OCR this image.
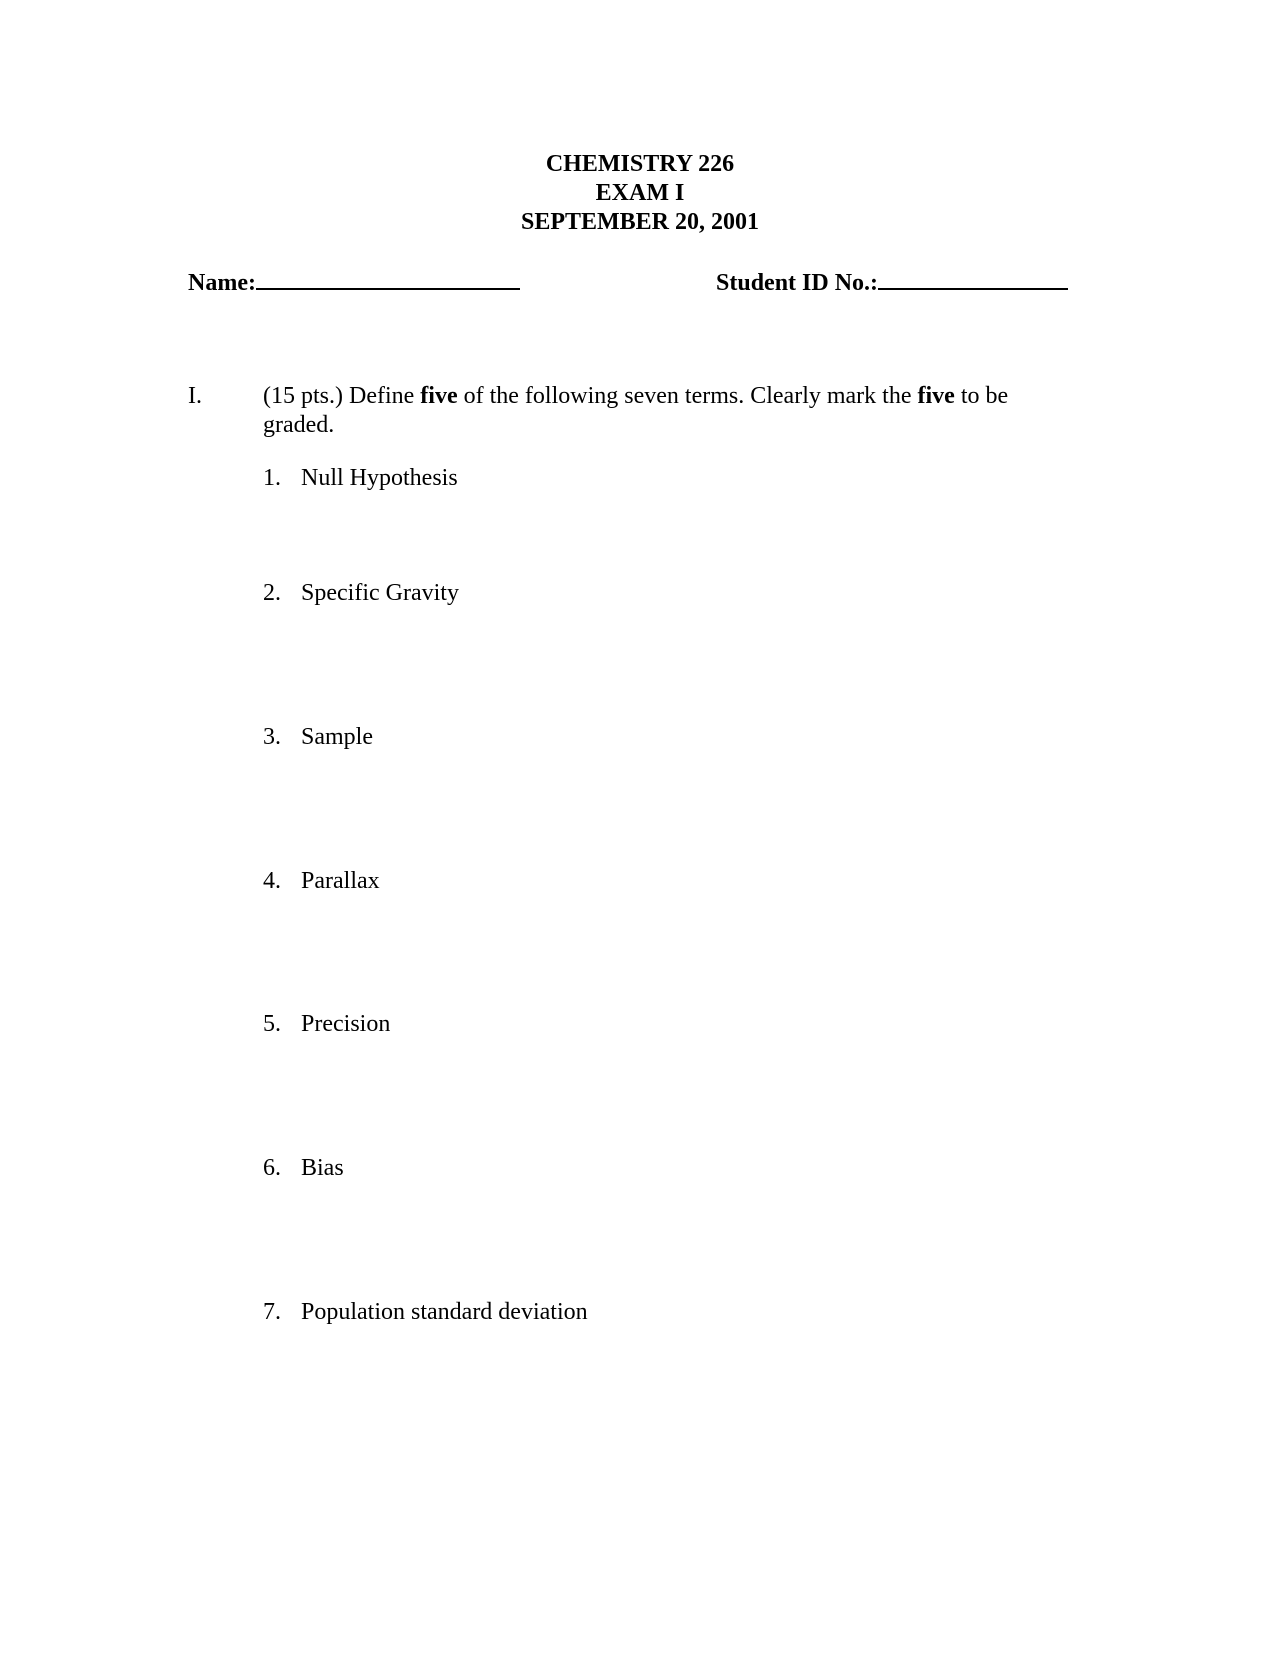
CHEMISTRY 226
EXAM I
SEPTEMBER 20, 2001
Name:	Student ID No.:
I.	(15 pts.) Define five of the following seven terms. Clearly mark the five to be graded.
1. Null Hypothesis
2. Specific Gravity
3. Sample
4. Parallax
5. Precision
6. Bias
7. Population standard deviation
